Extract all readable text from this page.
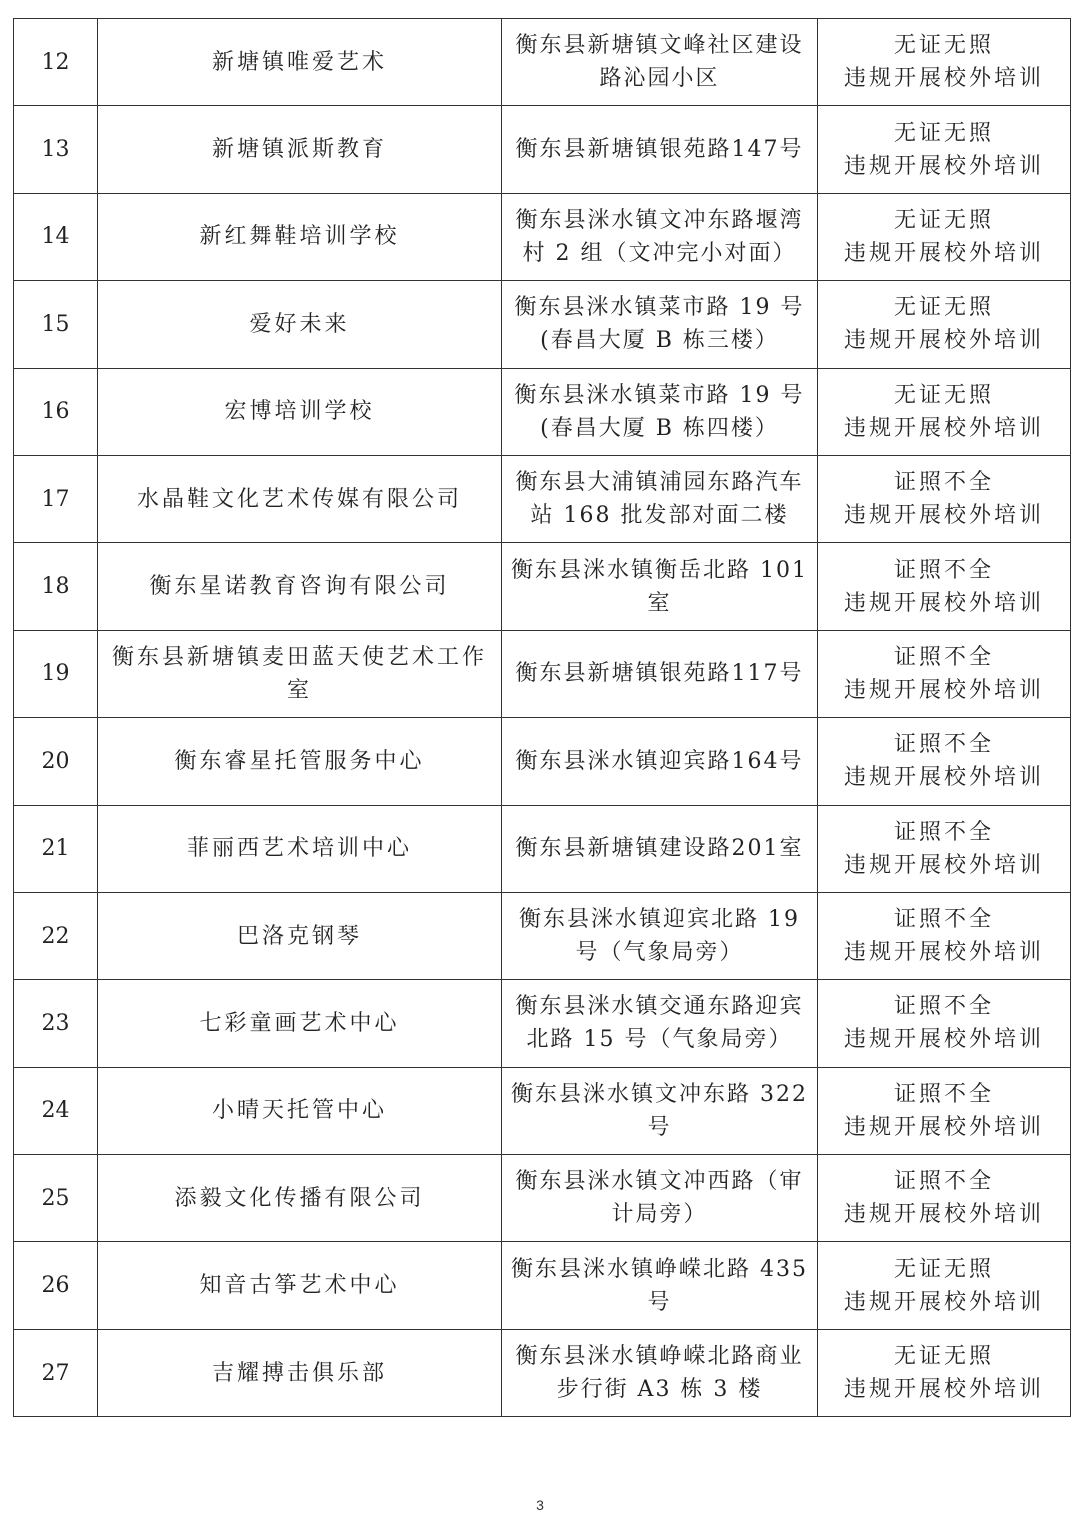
12	新塘镇唯爱艺术	衡东县新塘镇文峰社区建设路沁园小区	无证无照
违规开展校外培训

13	新塘镇派斯教育	衡东县新塘镇银苑路147号	无证无照
违规开展校外培训

14	新红舞鞋培训学校	衡东县洣水镇文冲东路堰湾村 2 组（文冲完小对面）	无证无照
违规开展校外培训

15	爱好未来	衡东县洣水镇菜市路 19 号(春昌大厦 B 栋三楼）	无证无照
违规开展校外培训

16	宏博培训学校	衡东县洣水镇菜市路 19 号(春昌大厦 B 栋四楼）	无证无照
违规开展校外培训

17	水晶鞋文化艺术传媒有限公司	衡东县大浦镇浦园东路汽车站 168 批发部对面二楼	证照不全
违规开展校外培训

18	衡东星诺教育咨询有限公司	衡东县洣水镇衡岳北路 101 室	证照不全
违规开展校外培训

19	衡东县新塘镇麦田蓝天使艺术工作室	衡东县新塘镇银苑路117号	证照不全
违规开展校外培训

20	衡东睿星托管服务中心	衡东县洣水镇迎宾路164号	证照不全
违规开展校外培训

21	菲丽西艺术培训中心	衡东县新塘镇建设路201室	证照不全
违规开展校外培训

22	巴洛克钢琴	衡东县洣水镇迎宾北路 19 号（气象局旁）	证照不全
违规开展校外培训

23	七彩童画艺术中心	衡东县洣水镇交通东路迎宾北路 15 号（气象局旁）	证照不全
违规开展校外培训

24	小晴天托管中心	衡东县洣水镇文冲东路 322 号	证照不全
违规开展校外培训

25	添毅文化传播有限公司	衡东县洣水镇文冲西路（审计局旁）	证照不全
违规开展校外培训

26	知音古筝艺术中心	衡东县洣水镇峥嵘北路 435 号	无证无照
违规开展校外培训

27	吉耀搏击俱乐部	衡东县洣水镇峥嵘北路商业步行街 A3 栋 3 楼	无证无照
违规开展校外培训
3
